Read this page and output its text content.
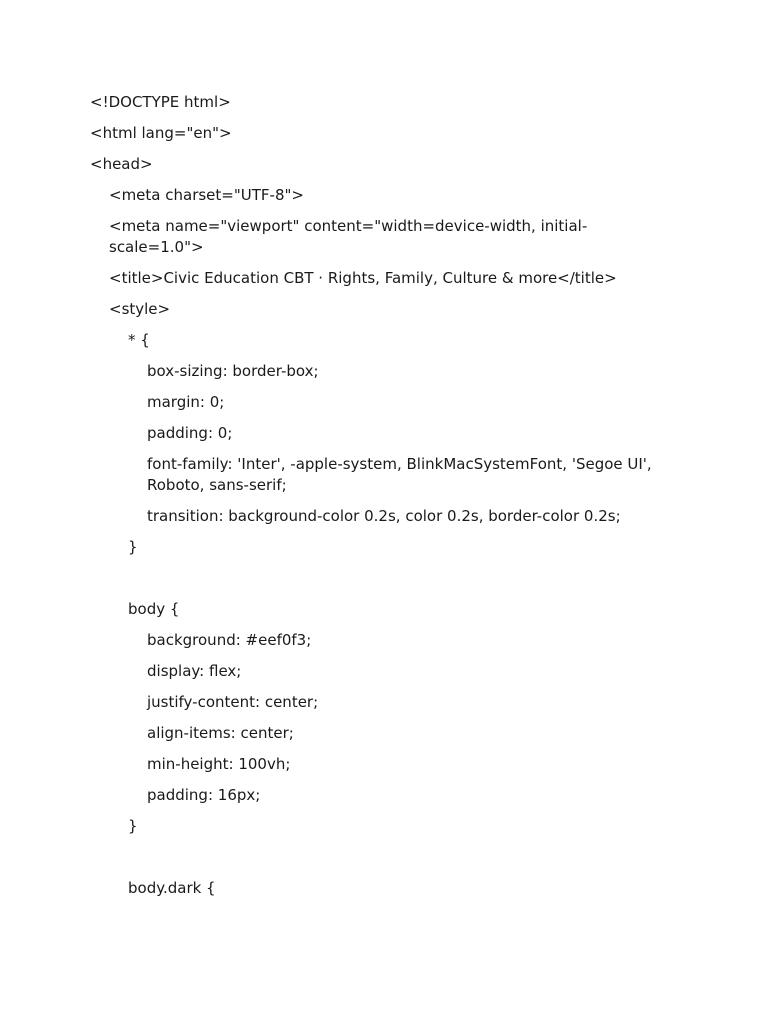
<!DOCTYPE html>
<html lang="en">
<head>
<meta charset="UTF-8">
<meta name="viewport" content="width=device-width, initial-scale=1.0">
<title>Civic Education CBT · Rights, Family, Culture & more</title>
<style>
* {
box-sizing: border-box;
margin: 0;
padding: 0;
font-family: 'Inter', -apple-system, BlinkMacSystemFont, 'Segoe UI', Roboto, sans-serif;
transition: background-color 0.2s, color 0.2s, border-color 0.2s;
}
body {
background: #eef0f3;
display: flex;
justify-content: center;
align-items: center;
min-height: 100vh;
padding: 16px;
}
body.dark {
